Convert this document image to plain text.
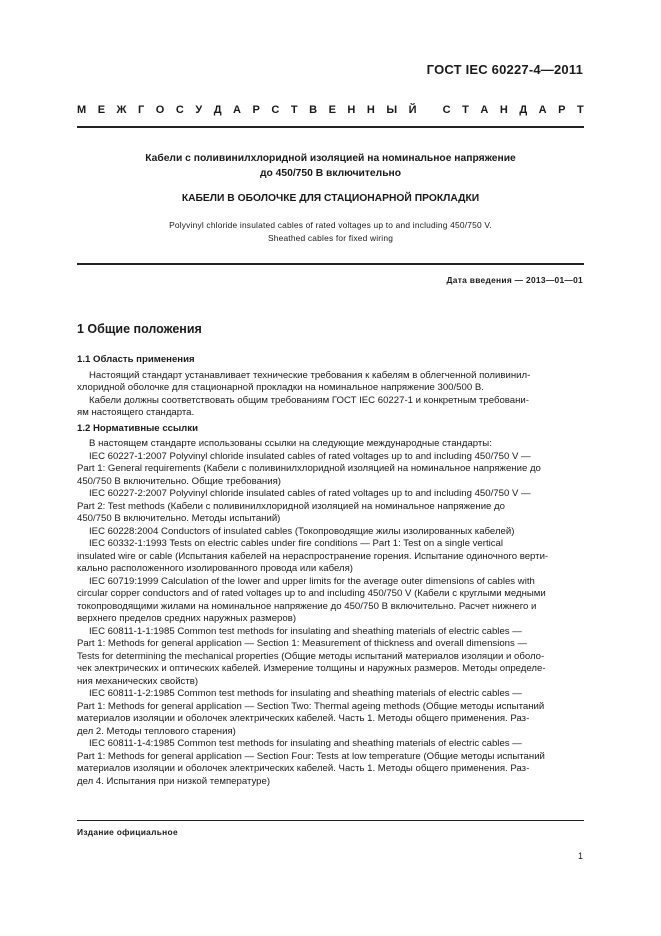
ГОСТ IEC 60227-4—2011
М Е Ж Г О С У Д А Р С Т В Е Н Н Ы Й
С Т А Н Д А Р Т
Кабели с поливинилхлоридной изоляцией на номинальное напряжение
до 450/750 В включительно
КАБЕЛИ В ОБОЛОЧКЕ ДЛЯ СТАЦИОНАРНОЙ ПРОКЛАДКИ
Polyvinyl chloride insulated cables of rated voltages up to and including 450/750 V.
Sheathed cables for fixed wiring
Дата введения — 2013—01—01
1 Общие положения
1.1 Область применения
Настоящий стандарт устанавливает технические требования к кабелям в облегченной поливинил-
хлоридной оболочке для стационарной прокладки на номинальное напряжение 300/500 В.
Кабели должны соответствовать общим требованиям ГОСТ IEC 60227-1 и конкретным требовани-
ям настоящего стандарта.
1.2 Нормативные ссылки
В настоящем стандарте использованы ссылки на следующие международные стандарты:
IEC 60227-1:2007 Polyvinyl chloride insulated cables of rated voltages up to and including 450/750 V —
Part 1: General requirements (Кабели с поливинилхлоридной изоляцией на номинальное напряжение до
450/750 В включительно. Общие требования)
IEC 60227-2:2007 Polyvinyl chloride insulated cables of rated voltages up to and including 450/750 V —
Part 2: Test methods (Кабели с поливинилхлоридной изоляцией на номинальное напряжение до
450/750 В включительно. Методы испытаний)
IEC 60228:2004 Conductors of insulated cables (Токопроводящие жилы изолированных кабелей)
IEC 60332-1:1993 Tests on electric cables under fire conditions — Part 1: Test on a single vertical
insulated wire or cable (Испытания кабелей на нераспространение горения. Испытание одиночного верти-
кально расположенного изолированного провода или кабеля)
IEC 60719:1999 Calculation of the lower and upper limits for the average outer dimensions of cables with
circular copper conductors and of rated voltages up to and including 450/750 V (Кабели с круглыми медными
токопроводящими жилами на номинальное напряжение до 450/750 В включительно. Расчет нижнего и
верхнего пределов средних наружных размеров)
IEC 60811-1-1:1985 Common test methods for insulating and sheathing materials of electric cables —
Part 1: Methods for general application — Section 1: Measurement of thickness and overall dimensions —
Tests for determining the mechanical properties (Общие методы испытаний материалов изоляции и оболо-
чек электрических и оптических кабелей. Измерение толщины и наружных размеров. Методы определе-
ния механических свойств)
IEC 60811-1-2:1985 Common test methods for insulating and sheathing materials of electric cables —
Part 1: Methods for general application — Section Two: Thermal ageing methods (Общие методы испытаний
материалов изоляции и оболочек электрических кабелей. Часть 1. Методы общего применения. Раз-
дел 2. Методы теплового старения)
IEC 60811-1-4:1985 Common test methods for insulating and sheathing materials of electric cables —
Part 1: Methods for general application — Section Four: Tests at low temperature (Общие методы испытаний
материалов изоляции и оболочек электрических кабелей. Часть 1. Методы общего применения. Раз-
дел 4. Испытания при низкой температуре)
Издание официальное
1
